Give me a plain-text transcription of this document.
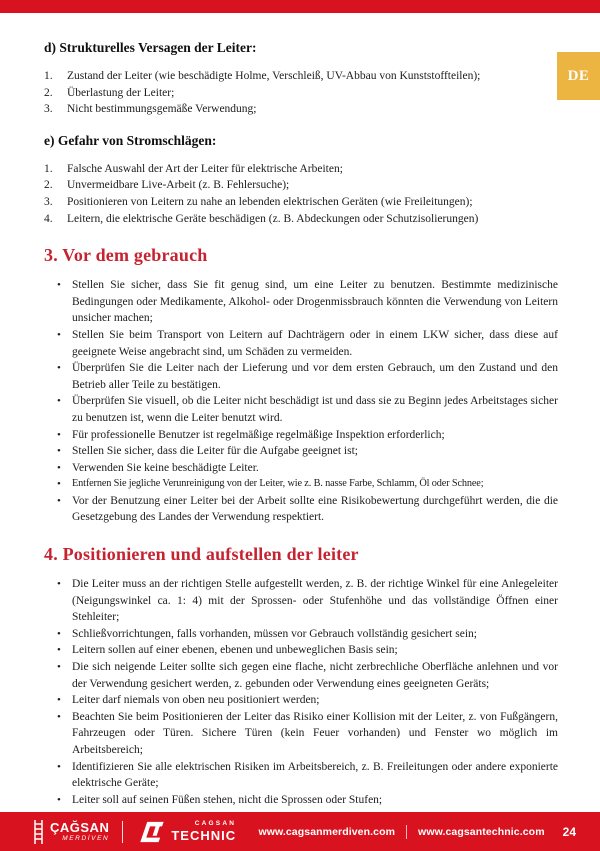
DE
d) Strukturelles Versagen der Leiter:
1.	Zustand der Leiter (wie beschädigte Holme, Verschleiß, UV-Abbau von Kunststoffteilen);
2.	Überlastung der Leiter;
3.	Nicht bestimmungsgemäße Verwendung;
e) Gefahr von Stromschlägen:
1.	Falsche Auswahl der Art der Leiter für elektrische Arbeiten;
2.	Unvermeidbare Live-Arbeit (z. B. Fehlersuche);
3.	Positionieren von Leitern zu nahe an lebenden elektrischen Geräten (wie Freileitungen);
4.	Leitern, die elektrische Geräte beschädigen (z. B. Abdeckungen oder Schutzisolierungen)
3. Vor dem gebrauch
• Stellen Sie sicher, dass Sie fit genug sind, um eine Leiter zu benutzen. Bestimmte medizinische Bedingungen oder Medikamente, Alkohol- oder Drogenmissbrauch könnten die Verwendung von Leitern unsicher machen;
• Stellen Sie beim Transport von Leitern auf Dachträgern oder in einem LKW sicher, dass diese auf geeignete Weise angebracht sind, um Schäden zu vermeiden.
• Überprüfen Sie die Leiter nach der Lieferung und vor dem ersten Gebrauch, um den Zustand und den Betrieb aller Teile zu bestätigen.
• Überprüfen Sie visuell, ob die Leiter nicht beschädigt ist und dass sie zu Beginn jedes Arbeitstages sicher zu benutzen ist, wenn die Leiter benutzt wird.
• Für professionelle Benutzer ist regelmäßige regelmäßige Inspektion erforderlich;
• Stellen Sie sicher, dass die Leiter für die Aufgabe geeignet ist;
• Verwenden Sie keine beschädigte Leiter.
•	Entfernen Sie jegliche Verunreinigung von der Leiter, wie z. B. nasse Farbe, Schlamm, Öl oder Schnee;
• Vor der Benutzung einer Leiter bei der Arbeit sollte eine Risikobewertung durchgeführt werden, die die Gesetzgebung des Landes der Verwendung respektiert.
4. Positionieren und aufstellen der leiter
• Die Leiter muss an der richtigen Stelle aufgestellt werden, z. B. der richtige Winkel für eine Anlegeleiter (Neigungswinkel ca. 1: 4) mit der Sprossen- oder Stufenhöhe und das vollständige Öffnen einer Stehleiter;
• Schließvorrichtungen, falls vorhanden, müssen vor Gebrauch vollständig gesichert sein;
• Leitern sollen auf einer ebenen, ebenen und unbeweglichen Basis sein;
• Die sich neigende Leiter sollte sich gegen eine flache, nicht zerbrechliche Oberfläche anlehnen und vor der Verwendung gesichert werden, z. gebunden oder Verwendung eines geeigneten Geräts;
• Leiter darf niemals von oben neu positioniert werden;
• Beachten Sie beim Positionieren der Leiter das Risiko einer Kollision mit der Leiter, z. von Fußgängern, Fahrzeugen oder Türen. Sichere Türen (kein Feuer vorhanden) und Fenster wo möglich im Arbeitsbereich;
• Identifizieren Sie alle elektrischen Risiken im Arbeitsbereich, z. B. Freileitungen oder andere exponierte elektrische Geräte;
• Leiter soll auf seinen Füßen stehen, nicht die Sprossen oder Stufen;
ÇAĞSAN
MERDİVEN
CAGSAN
TECHNIC www.cagsanmerdiven.com www.cagsantechnic.com 24
